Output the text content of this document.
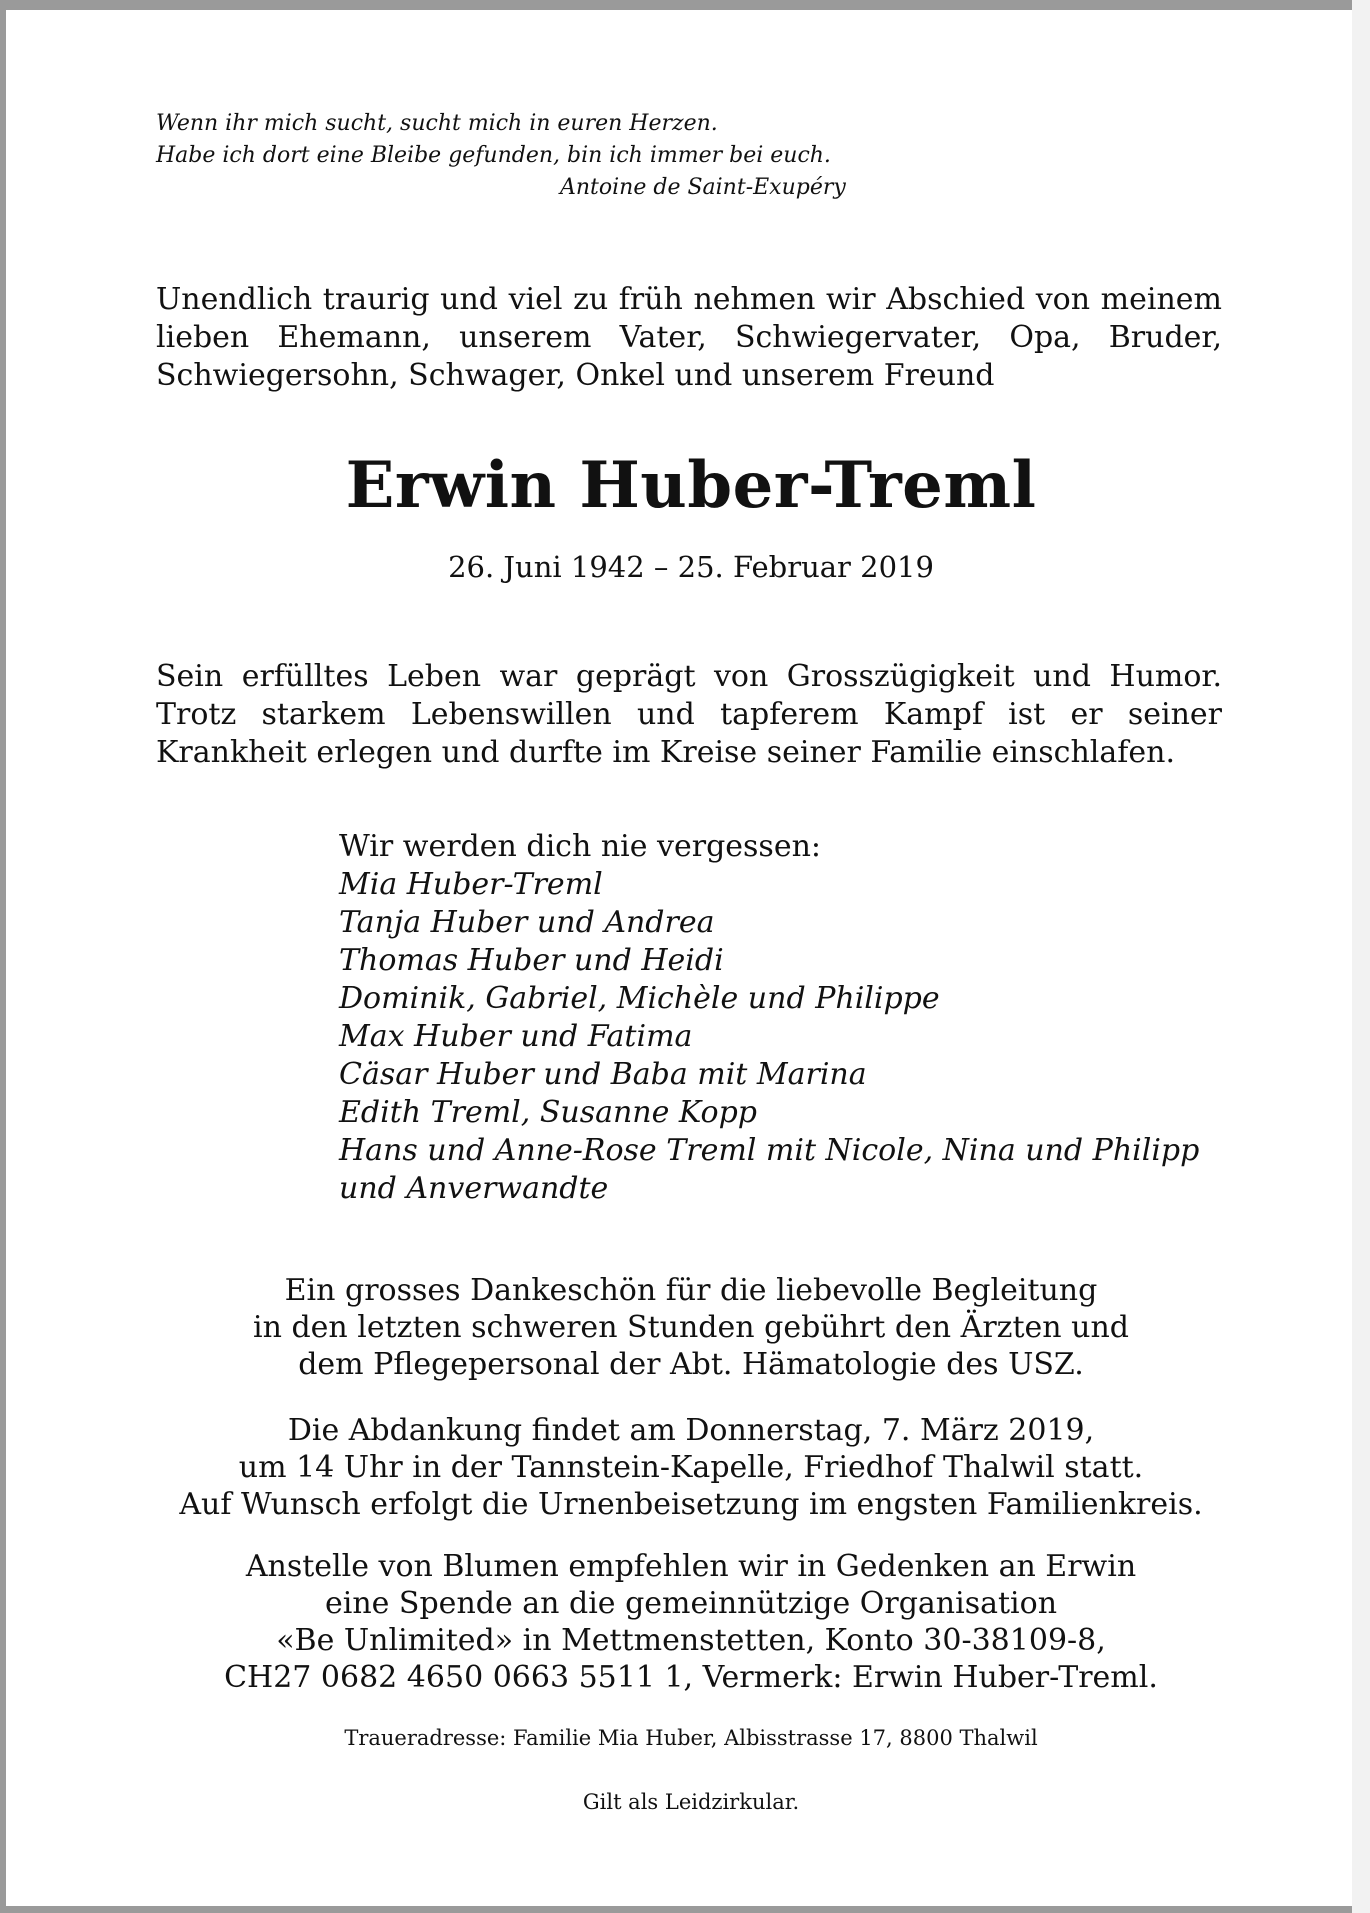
Wenn ihr mich sucht, sucht mich in euren Herzen.
Habe ich dort eine Bleibe gefunden, bin ich immer bei euch.
Antoine de Saint-Exupéry

Unendlich traurig und viel zu früh nehmen wir Abschied von meinem lieben Ehemann, unserem Vater, Schwiegervater, Opa, Bruder, Schwiegersohn, Schwager, Onkel und unserem Freund

Erwin Huber-Treml
26. Juni 1942 – 25. Februar 2019

Sein erfülltes Leben war geprägt von Grosszügigkeit und Humor. Trotz starkem Lebenswillen und tapferem Kampf ist er seiner Krankheit erlegen und durfte im Kreise seiner Familie einschlafen.

Wir werden dich nie vergessen:
Mia Huber-Treml
Tanja Huber und Andrea
Thomas Huber und Heidi
Dominik, Gabriel, Michèle und Philippe
Max Huber und Fatima
Cäsar Huber und Baba mit Marina
Edith Treml, Susanne Kopp
Hans und Anne-Rose Treml mit Nicole, Nina und Philipp
und Anverwandte
Ein grosses Dankeschön für die liebevolle Begleitung
in den letzten schweren Stunden gebührt den Ärzten und
dem Pflegepersonal der Abt. Hämatologie des USZ.
Die Abdankung findet am Donnerstag, 7. März 2019,
um 14 Uhr in der Tannstein-Kapelle, Friedhof Thalwil statt.
Auf Wunsch erfolgt die Urnenbeisetzung im engsten Familienkreis.
Anstelle von Blumen empfehlen wir in Gedenken an Erwin
eine Spende an die gemeinnützige Organisation
«Be Unlimited» in Mettmenstetten, Konto 30-38109-8,
CH27 0682 4650 0663 5511 1, Vermerk: Erwin Huber-Treml.
Traueradresse: Familie Mia Huber, Albisstrasse 17, 8800 Thalwil
Gilt als Leidzirkular.
